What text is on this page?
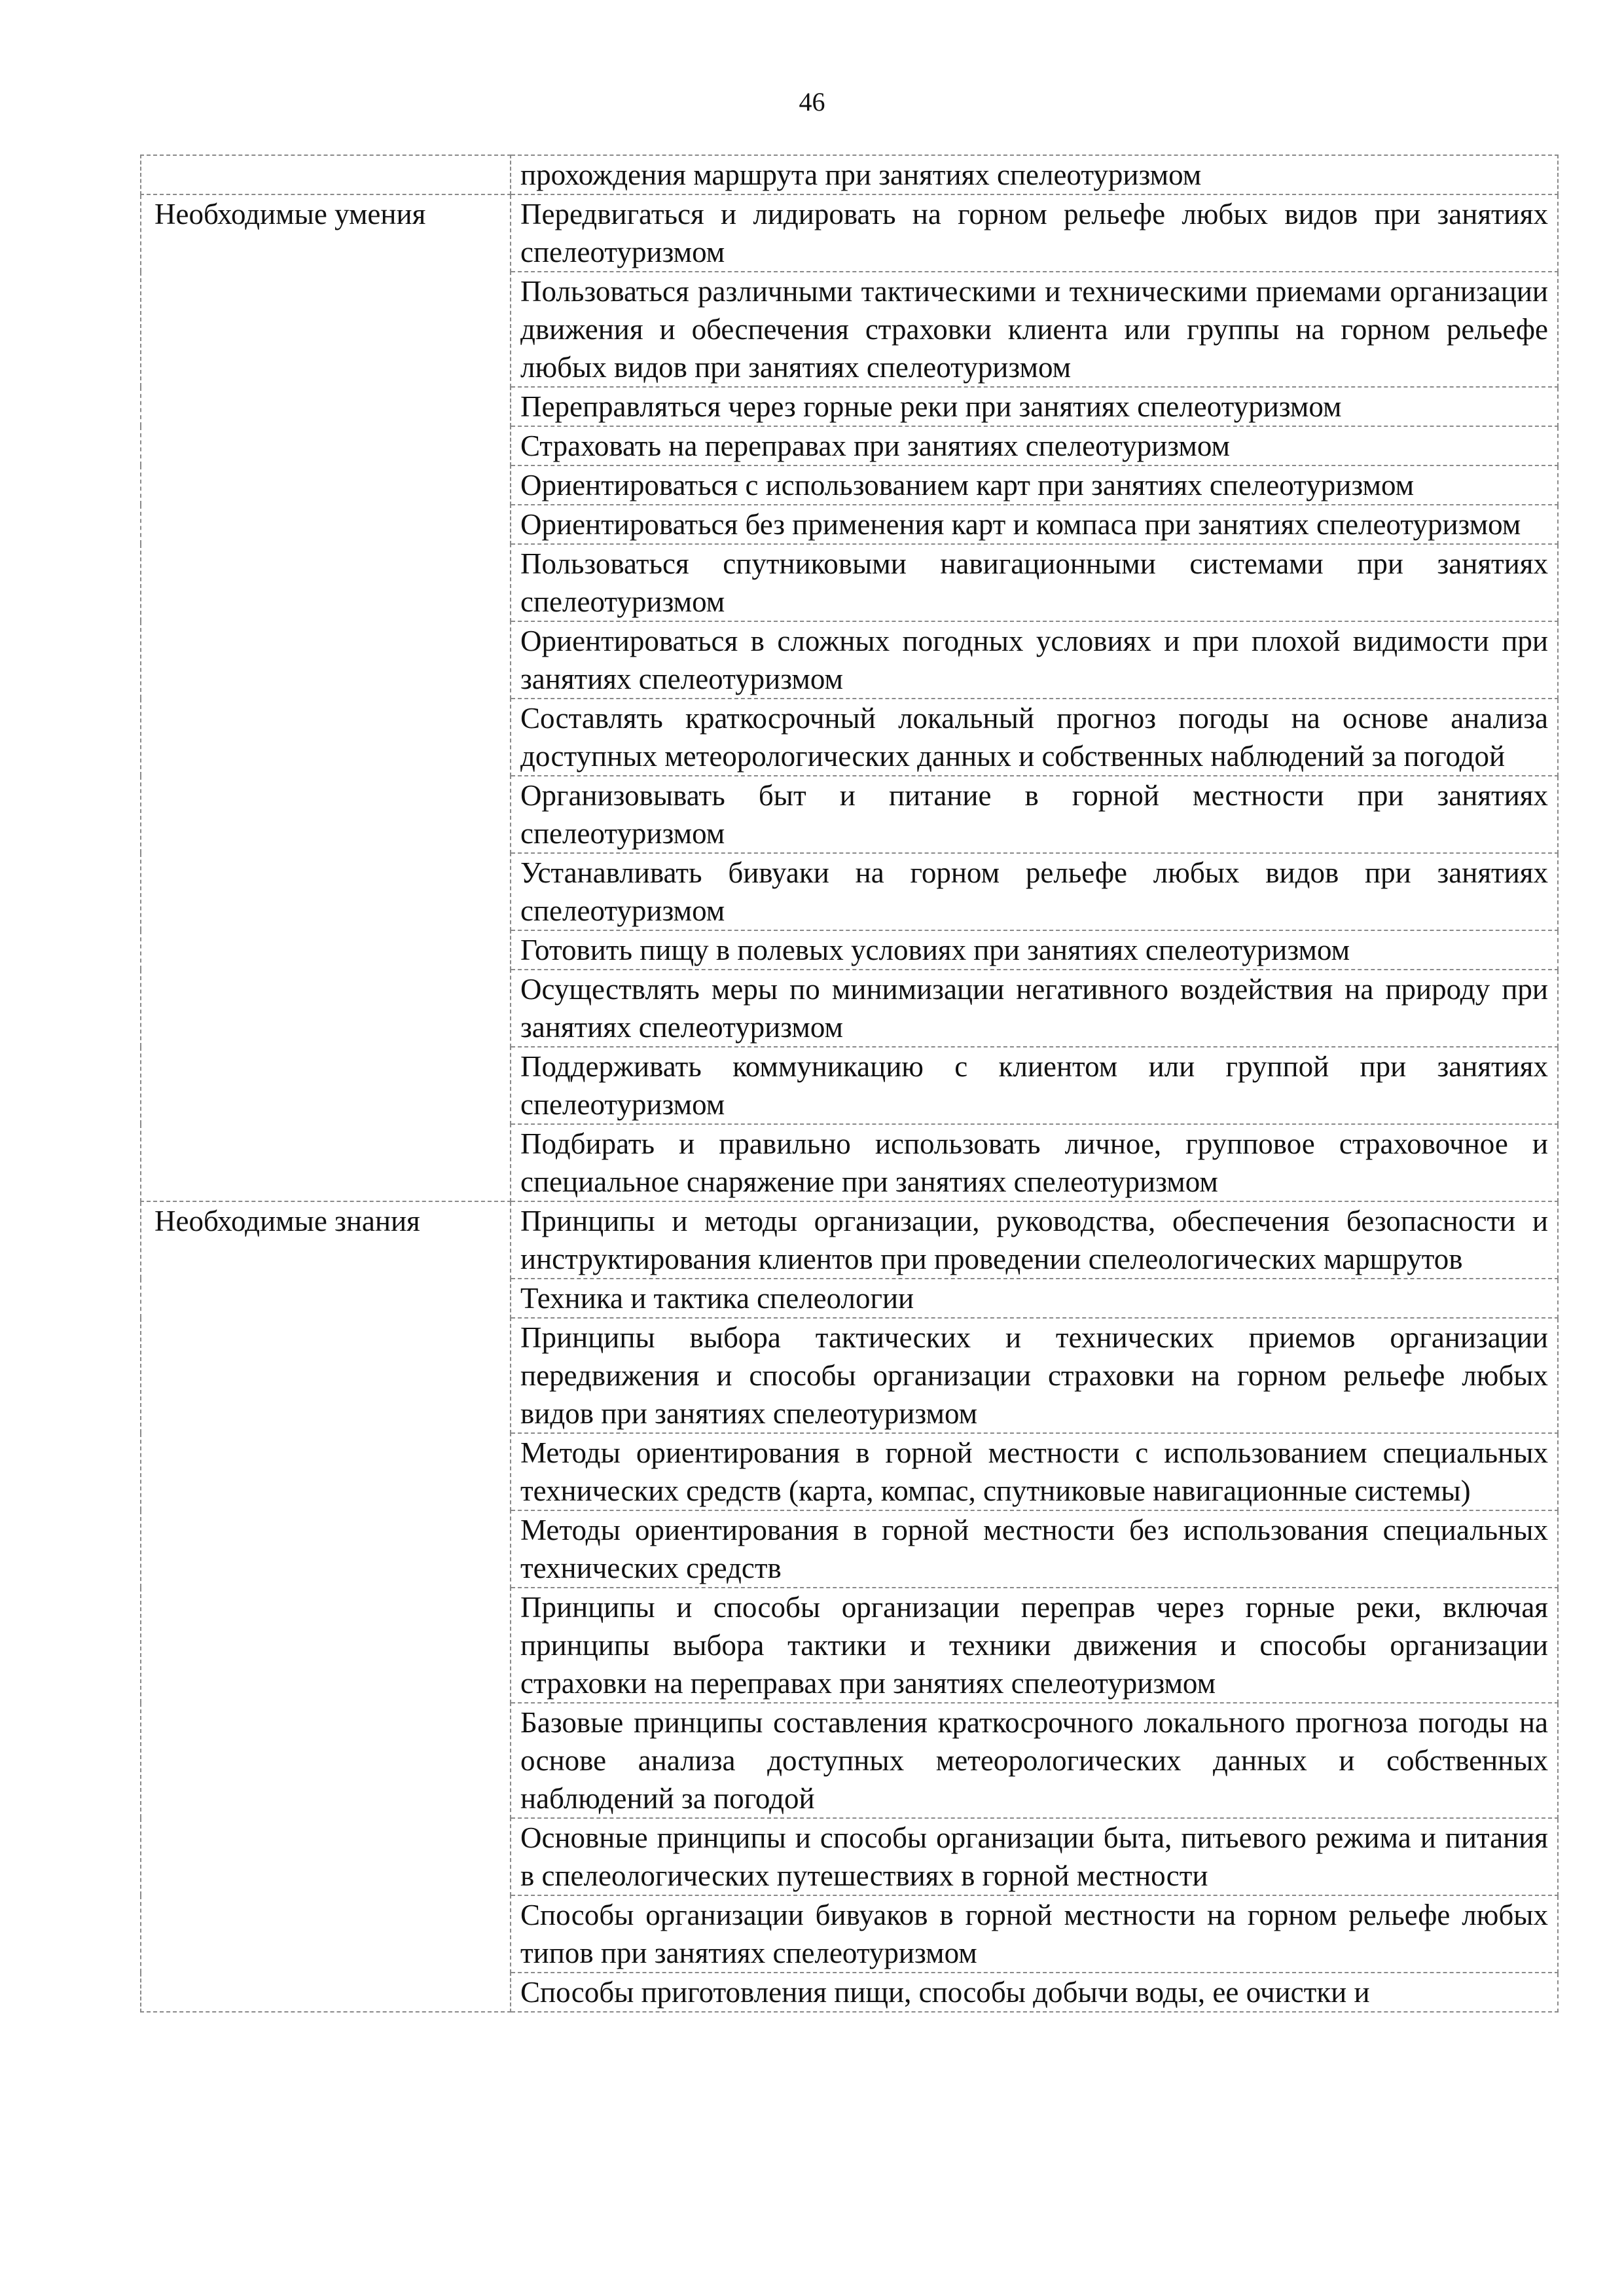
46
	прохождения маршрута при занятиях спелеотуризмом
Необходимые умения	Передвигаться и лидировать на горном рельефе любых видов при занятиях спелеотуризмом
	Пользоваться различными тактическими и техническими приемами организации движения и обеспечения страховки клиента или группы на горном рельефе любых видов при занятиях спелеотуризмом
	Переправляться через горные реки при занятиях спелеотуризмом
	Страховать на переправах при занятиях спелеотуризмом
	Ориентироваться с использованием карт при занятиях спелеотуризмом
	Ориентироваться без применения карт и компаса при занятиях спелеотуризмом
	Пользоваться спутниковыми навигационными системами при занятиях спелеотуризмом
	Ориентироваться в сложных погодных условиях и при плохой видимости при занятиях спелеотуризмом
	Составлять краткосрочный локальный прогноз погоды на основе анализа доступных метеорологических данных и собственных наблюдений за погодой
	Организовывать быт и питание в горной местности при занятиях спелеотуризмом
	Устанавливать бивуаки на горном рельефе любых видов при занятиях спелеотуризмом
	Готовить пищу в полевых условиях при занятиях спелеотуризмом
	Осуществлять меры по минимизации негативного воздействия на природу при занятиях спелеотуризмом
	Поддерживать коммуникацию с клиентом или группой при занятиях спелеотуризмом
	Подбирать и правильно использовать личное, групповое страховочное и специальное снаряжение при занятиях спелеотуризмом
Необходимые знания	Принципы и методы организации, руководства, обеспечения безопасности и инструктирования клиентов при проведении спелеологических маршрутов
	Техника и тактика спелеологии
	Принципы выбора тактических и технических приемов организации передвижения и способы организации страховки на горном рельефе любых видов при занятиях спелеотуризмом
	Методы ориентирования в горной местности с использованием специальных технических средств (карта, компас, спутниковые навигационные системы)
	Методы ориентирования в горной местности без использования специальных технических средств
	Принципы и способы организации переправ через горные реки, включая принципы выбора тактики и техники движения и способы организации страховки на переправах при занятиях спелеотуризмом
	Базовые принципы составления краткосрочного локального прогноза погоды на основе анализа доступных метеорологических данных и собственных наблюдений за погодой
	Основные принципы и способы организации быта, питьевого режима и питания в спелеологических путешествиях в горной местности
	Способы организации бивуаков в горной местности на горном рельефе любых типов при занятиях спелеотуризмом
	Способы приготовления пищи, способы добычи воды, ее очистки и
